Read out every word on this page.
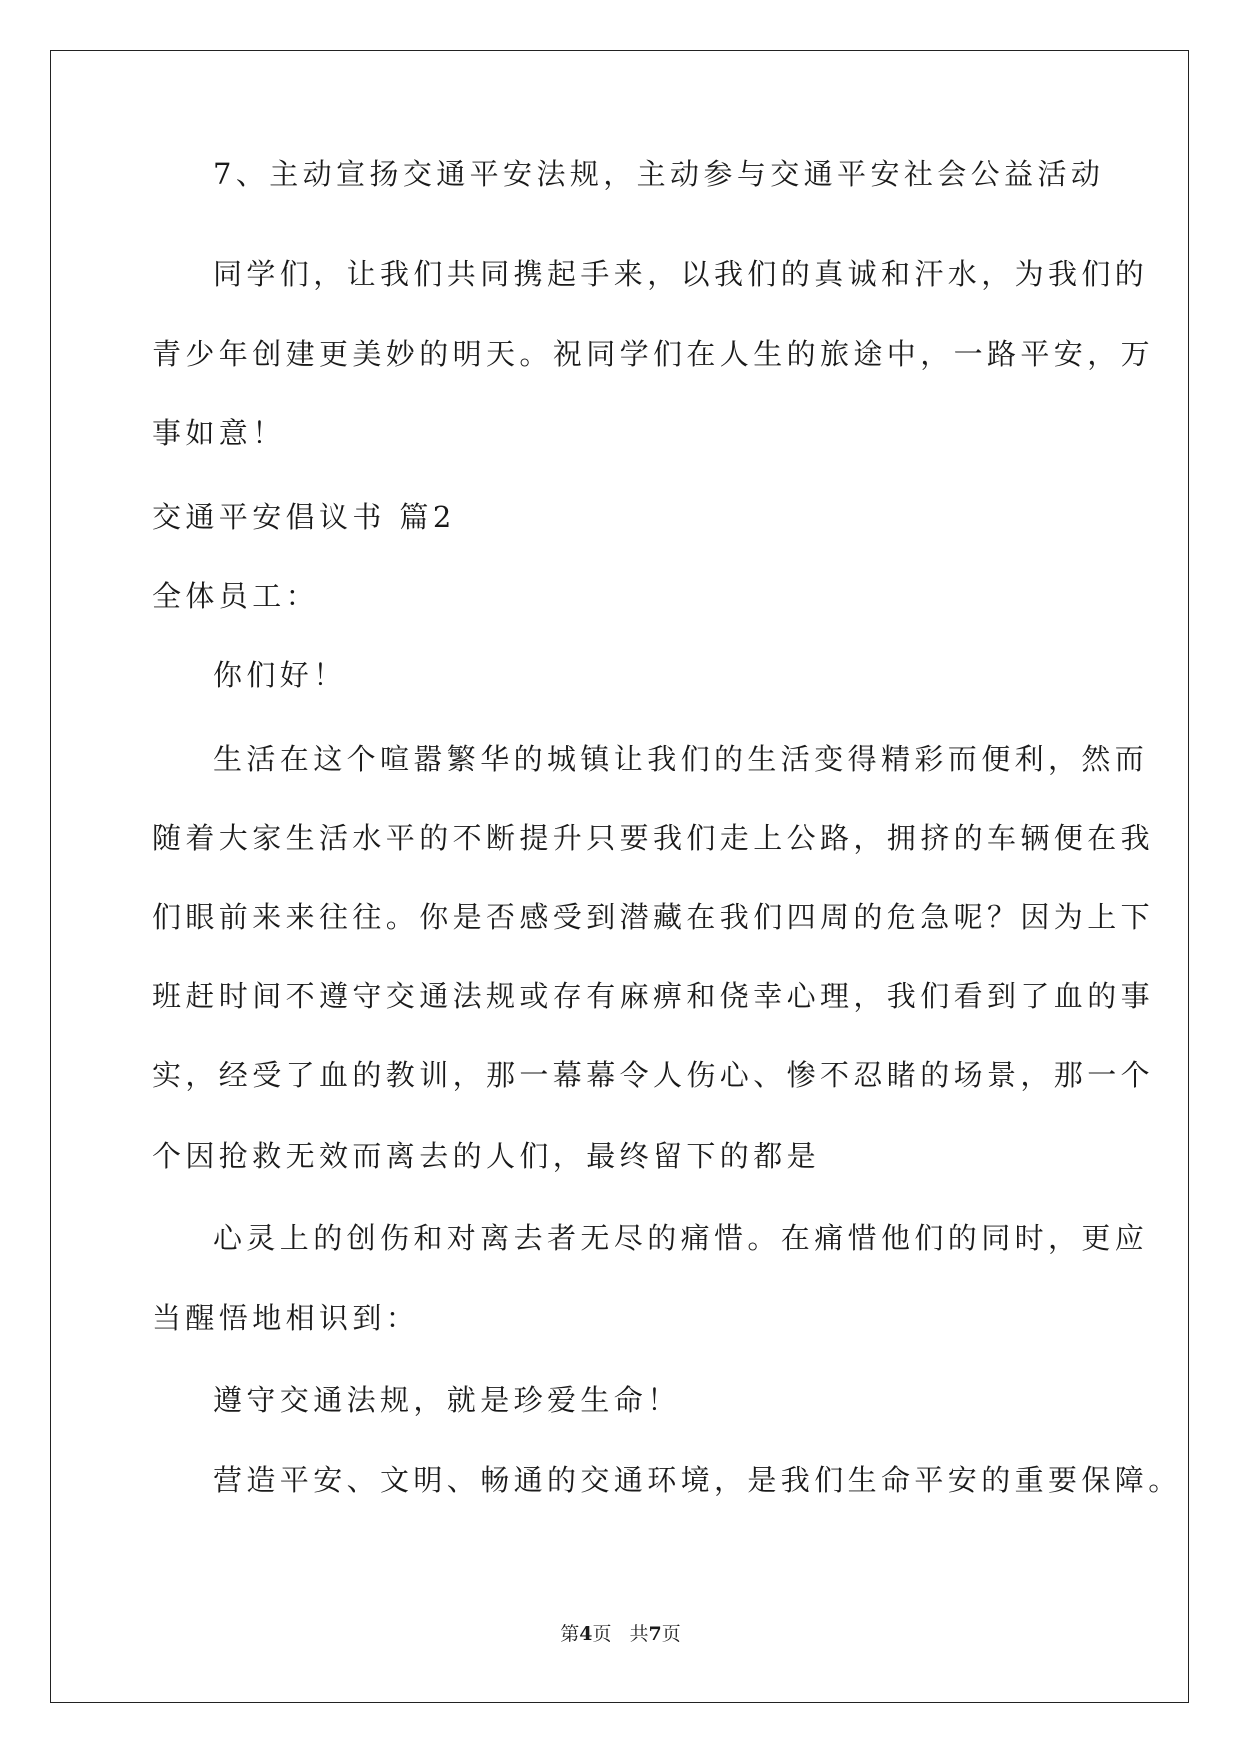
7、主动宣扬交通平安法规，主动参与交通平安社会公益活动
同学们，让我们共同携起手来，以我们的真诚和汗水，为我们的
青少年创建更美妙的明天。祝同学们在人生的旅途中，一路平安，万
事如意！
交通平安倡议书 篇2
全体员工：
你们好！
生活在这个喧嚣繁华的城镇让我们的生活变得精彩而便利，然而
随着大家生活水平的不断提升只要我们走上公路，拥挤的车辆便在我
们眼前来来往往。你是否感受到潜藏在我们四周的危急呢？因为上下
班赶时间不遵守交通法规或存有麻痹和侥幸心理，我们看到了血的事
实，经受了血的教训，那一幕幕令人伤心、惨不忍睹的场景，那一个
个因抢救无效而离去的人们，最终留下的都是
心灵上的创伤和对离去者无尽的痛惜。在痛惜他们的同时，更应
当醒悟地相识到：
遵守交通法规，就是珍爱生命！
营造平安、文明、畅通的交通环境，是我们生命平安的重要保障。
第4页 共7页
